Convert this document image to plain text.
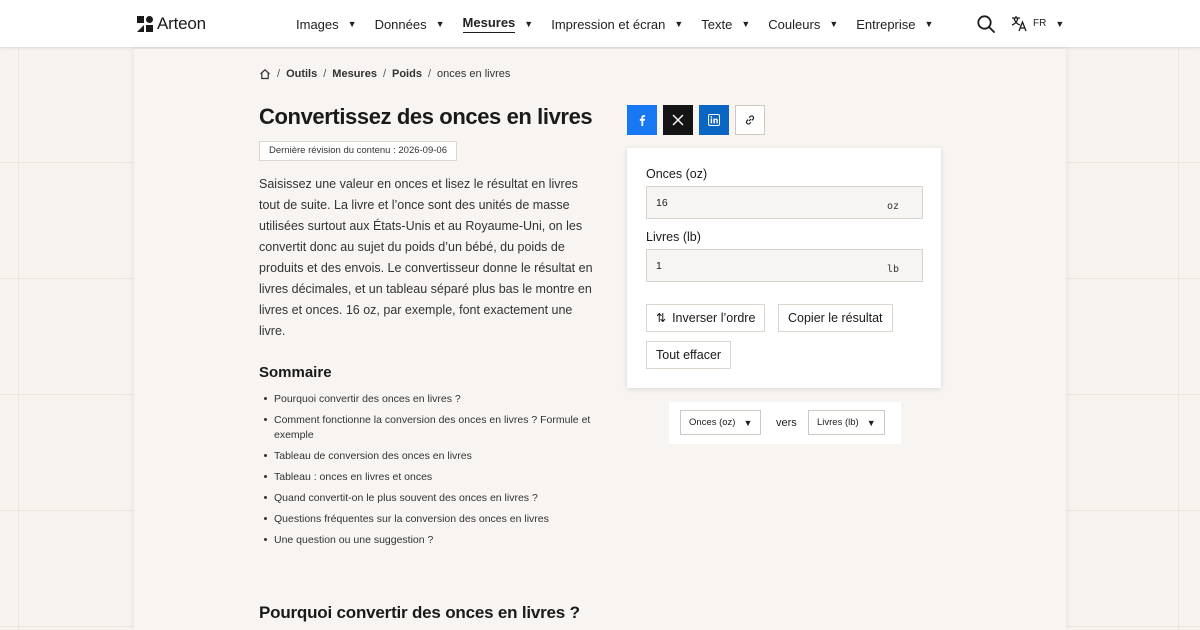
Arteon	Images ▼ Données ▼ Mesures ▼ Impression et écran ▼ Texte ▼ Couleurs ▼ Entreprise ▼	FR ▼
/ Outils / Mesures / Poids / onces en livres
Convertissez des onces en livres
Dernière révision du contenu : 2026-09-06

Saisissez une valeur en onces et lisez le résultat en livres tout de suite. La livre et l’once sont des unités de masse utilisées surtout aux États-Unis et au Royaume-Uni, on les convertit donc au sujet du poids d’un bébé, du poids de produits et des envois. Le convertisseur donne le résultat en livres décimales, et un tableau séparé plus bas le montre en livres et onces. 16 oz, par exemple, font exactement une livre.

Sommaire
Pourquoi convertir des onces en livres ?
Comment fonctionne la conversion des onces en livres ? Formule et exemple
Tableau de conversion des onces en livres
Tableau : onces en livres et onces
Quand convertit-on le plus souvent des onces en livres ?
Questions fréquentes sur la conversion des onces en livres
Une question ou une suggestion ?
Pourquoi convertir des onces en livres ?
Onces (oz)
16	oz
Livres (lb)
1	lb
⇅ Inverser l’ordre	Copier le résultat
Tout effacer
Onces (oz) ▼ vers Livres (lb) ▼
